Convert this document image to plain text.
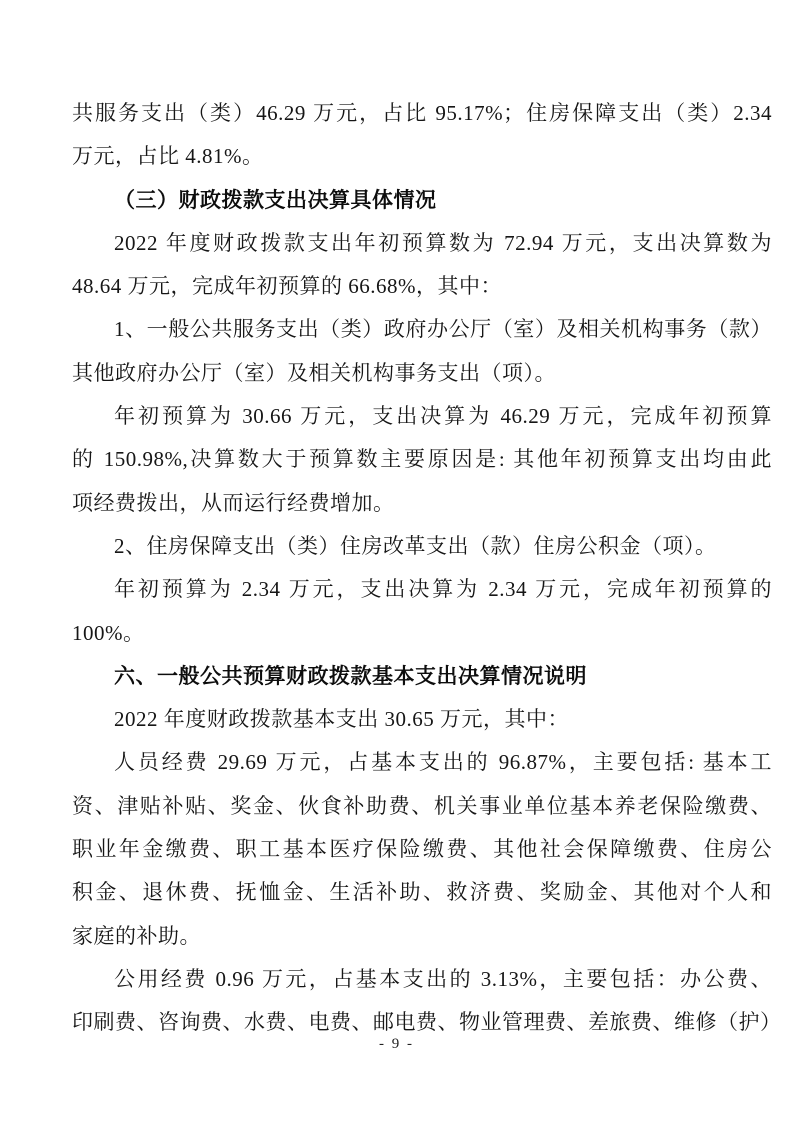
共服务支出（类）46.29 万元，占比 95.17%；住房保障支出（类）2.34
万元，占比 4.81%。
（三）财政拨款支出决算具体情况
2022 年度财政拨款支出年初预算数为 72.94 万元，支出决算数为
48.64 万元，完成年初预算的 66.68%，其中：
1、一般公共服务支出（类）政府办公厅（室）及相关机构事务（款）
其他政府办公厅（室）及相关机构事务支出（项）。
年初预算为 30.66 万元，支出决算为 46.29 万元，完成年初预算
的 150.98%,决算数大于预算数主要原因是: 其他年初预算支出均由此
项经费拨出，从而运行经费增加。
2、住房保障支出（类）住房改革支出（款）住房公积金（项）。
年初预算为 2.34 万元，支出决算为 2.34 万元，完成年初预算的
100%。
六、一般公共预算财政拨款基本支出决算情况说明
2022 年度财政拨款基本支出 30.65 万元，其中：
人员经费 29.69 万元，占基本支出的 96.87%，主要包括: 基本工
资、津贴补贴、奖金、伙食补助费、机关事业单位基本养老保险缴费、
职业年金缴费、职工基本医疗保险缴费、其他社会保障缴费、住房公
积金、退休费、抚恤金、生活补助、救济费、奖励金、其他对个人和
家庭的补助。
公用经费 0.96 万元，占基本支出的 3.13%，主要包括：办公费、
印刷费、咨询费、水费、电费、邮电费、物业管理费、差旅费、维修（护）
- 9 -
